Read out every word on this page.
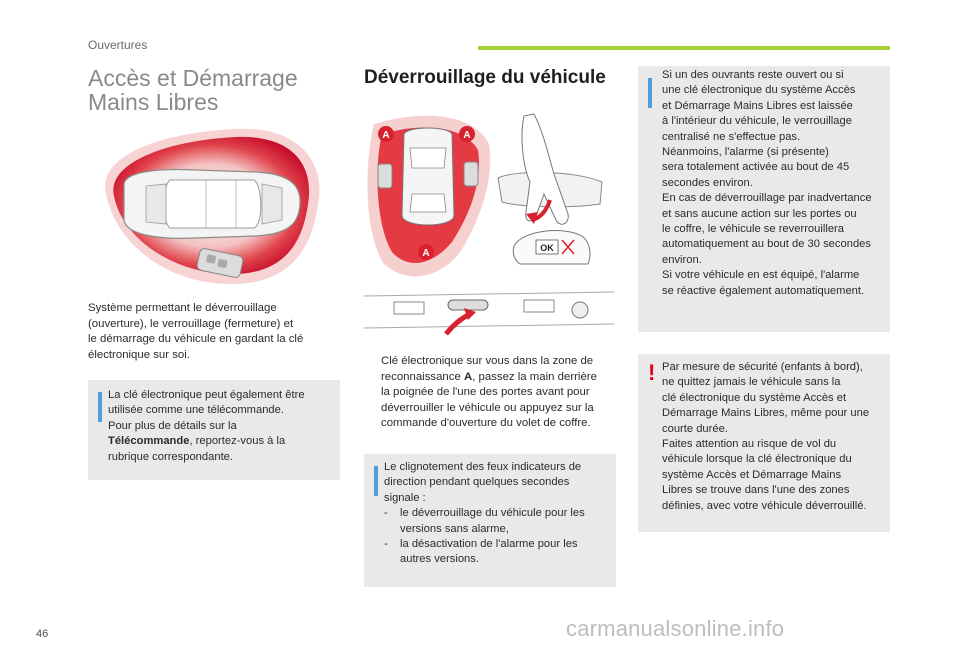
Ouvertures
Accès et Démarrage
Mains Libres
Système permettant le déverrouillage
(ouverture), le verrouillage (fermeture) et
le démarrage du véhicule en gardant la clé
électronique sur soi.
La clé électronique peut également être
utilisée comme une télécommande.
Pour plus de détails sur la
Télécommande, reportez-vous à la
rubrique correspondante.
Déverrouillage du véhicule
A	A
A	OK
Clé électronique sur vous dans la zone de
reconnaissance A, passez la main derrière
la poignée de l'une des portes avant pour
déverrouiller le véhicule ou appuyez sur la
commande d'ouverture du volet de coffre.
Le clignotement des feux indicateurs de
direction pendant quelques secondes
signale :
-	le déverrouillage du véhicule pour les
versions sans alarme,
-	la désactivation de l'alarme pour les
autres versions.
Si un des ouvrants reste ouvert ou si
une clé électronique du système Accès
et Démarrage Mains Libres est laissée
à l'intérieur du véhicule, le verrouillage
centralisé ne s'effectue pas.
Néanmoins, l'alarme (si présente)
sera totalement activée au bout de 45
secondes environ.
En cas de déverrouillage par inadvertance
et sans aucune action sur les portes ou
le coffre, le véhicule se reverrouillera
automatiquement au bout de 30 secondes
environ.
Si votre véhicule en est équipé, l'alarme
se réactive également automatiquement.
! Par mesure de sécurité (enfants à bord),
ne quittez jamais le véhicule sans la
clé électronique du système Accès et
Démarrage Mains Libres, même pour une
courte durée.
Faites attention au risque de vol du
véhicule lorsque la clé électronique du
système Accès et Démarrage Mains
Libres se trouve dans l'une des zones
définies, avec votre véhicule déverrouillé.
46	carmanualsonline.info
